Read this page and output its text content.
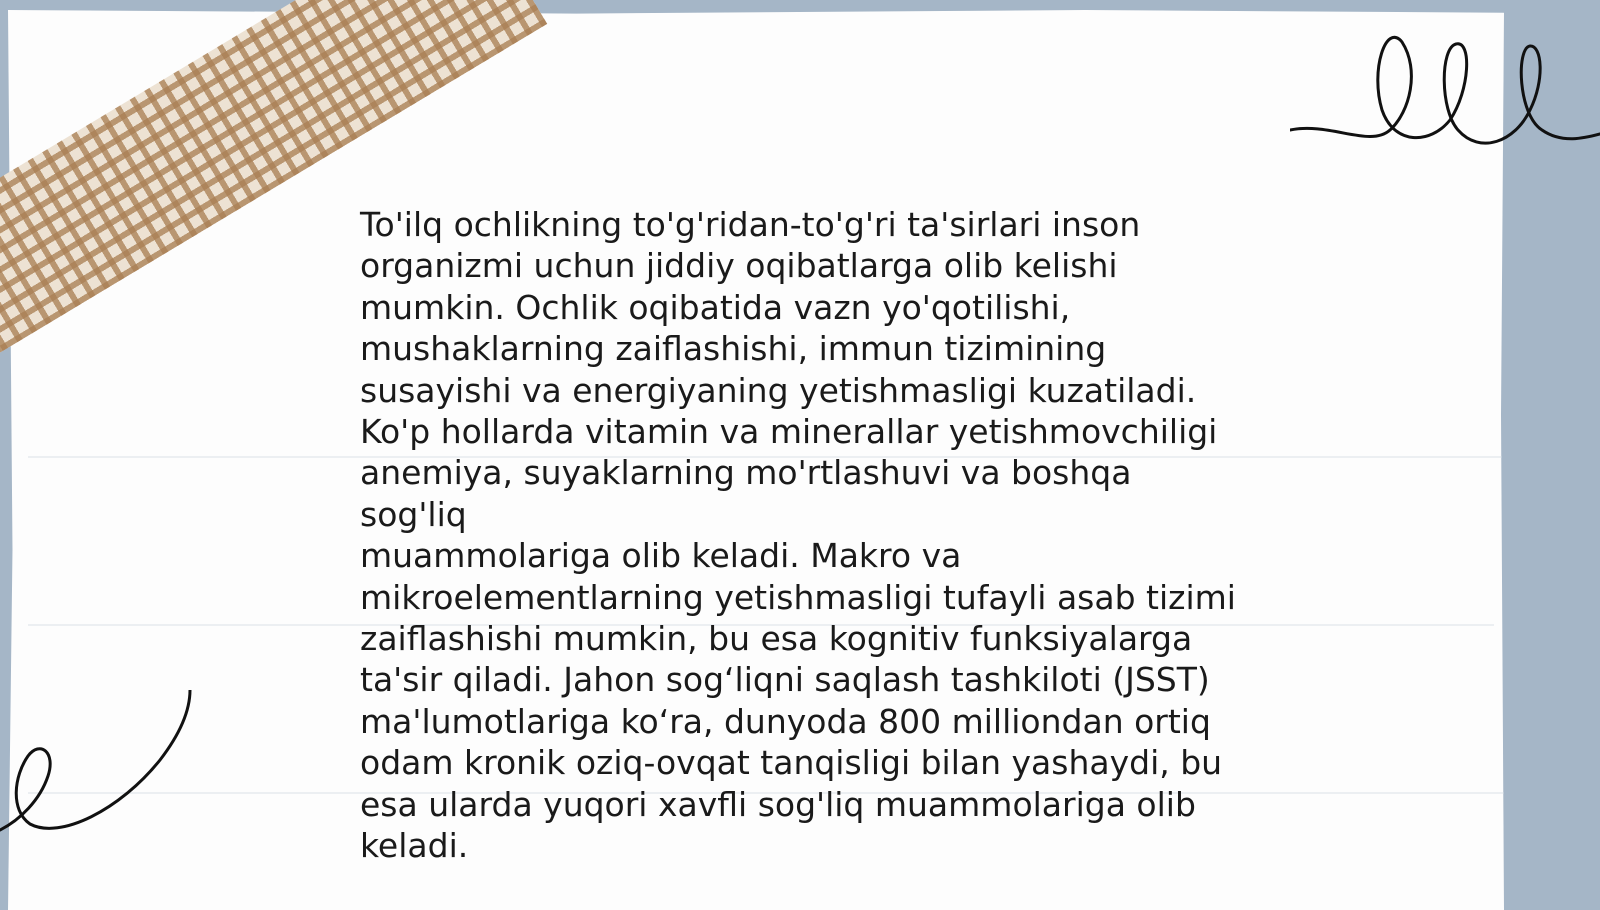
To'ilq ochlikning to'g'ridan-to'g'ri ta'sirlari inson
organizmi uchun jiddiy oqibatlarga olib kelishi
mumkin. Ochlik oqibatida vazn yo'qotilishi,
mushaklarning zaiflashishi, immun tizimining
susayishi va energiyaning yetishmasligi kuzatiladi.
Ko'p hollarda vitamin va minerallar yetishmovchiligi
anemiya, suyaklarning mo'rtlashuvi va boshqa sog'liq
muammolariga olib keladi. Makro va
mikroelementlarning yetishmasligi tufayli asab tizimi
zaiflashishi mumkin, bu esa kognitiv funksiyalarga
ta'sir qiladi. Jahon sog‘liqni saqlash tashkiloti (JSST)
ma'lumotlariga ko‘ra, dunyoda 800 milliondan ortiq
odam kronik oziq-ovqat tanqisligi bilan yashaydi, bu
esa ularda yuqori xavfli sog'liq muammolariga olib
keladi.
